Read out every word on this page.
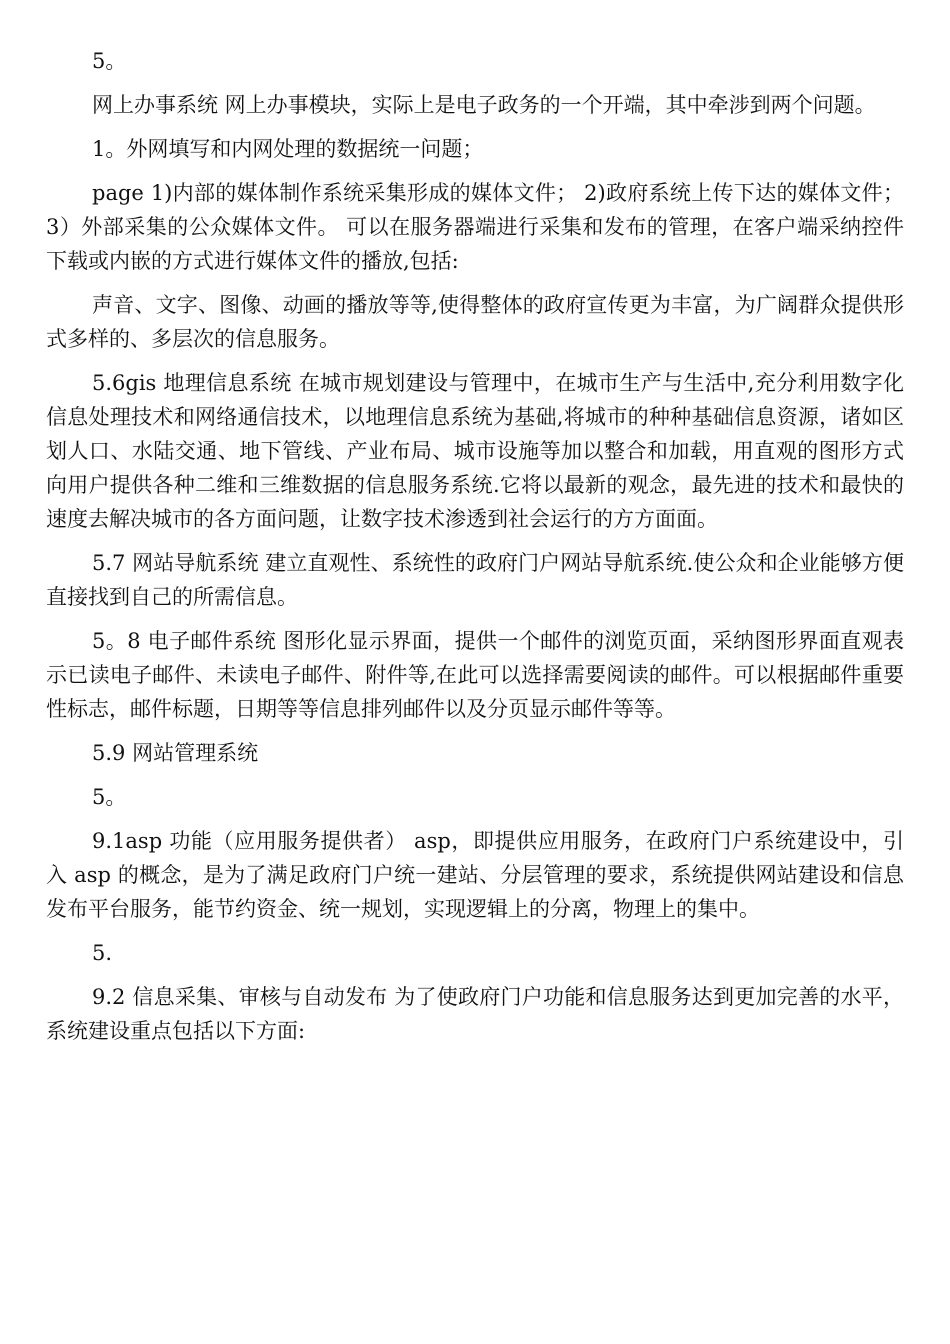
5。

网上办事系统 网上办事模块，实际上是电子政务的一个开端，其中牵涉到两个问题。

1。外网填写和内网处理的数据统一问题；

page 1)内部的媒体制作系统采集形成的媒体文件； 2)政府系统上传下达的媒体文件； 3）外部采集的公众媒体文件。 可以在服务器端进行采集和发布的管理，在客户端采纳控件下载或内嵌的方式进行媒体文件的播放,包括:

声音、文字、图像、动画的播放等等,使得整体的政府宣传更为丰富，为广阔群众提供形式多样的、多层次的信息服务。

5.6gis 地理信息系统 在城市规划建设与管理中，在城市生产与生活中,充分利用数字化信息处理技术和网络通信技术，以地理信息系统为基础,将城市的种种基础信息资源，诸如区划人口、水陆交通、地下管线、产业布局、城市设施等加以整合和加载，用直观的图形方式向用户提供各种二维和三维数据的信息服务系统.它将以最新的观念，最先进的技术和最快的速度去解决城市的各方面问题，让数字技术渗透到社会运行的方方面面。

5.7 网站导航系统 建立直观性、系统性的政府门户网站导航系统.使公众和企业能够方便直接找到自己的所需信息。

5。8 电子邮件系统 图形化显示界面，提供一个邮件的浏览页面，采纳图形界面直观表示已读电子邮件、未读电子邮件、附件等,在此可以选择需要阅读的邮件。可以根据邮件重要性标志，邮件标题，日期等等信息排列邮件以及分页显示邮件等等。

5.9 网站管理系统

5。

9.1asp 功能（应用服务提供者） asp，即提供应用服务，在政府门户系统建设中，引入 asp 的概念，是为了满足政府门户统一建站、分层管理的要求，系统提供网站建设和信息发布平台服务，能节约资金、统一规划，实现逻辑上的分离，物理上的集中。

5.

9.2 信息采集、审核与自动发布 为了使政府门户功能和信息服务达到更加完善的水平，系统建设重点包括以下方面:
